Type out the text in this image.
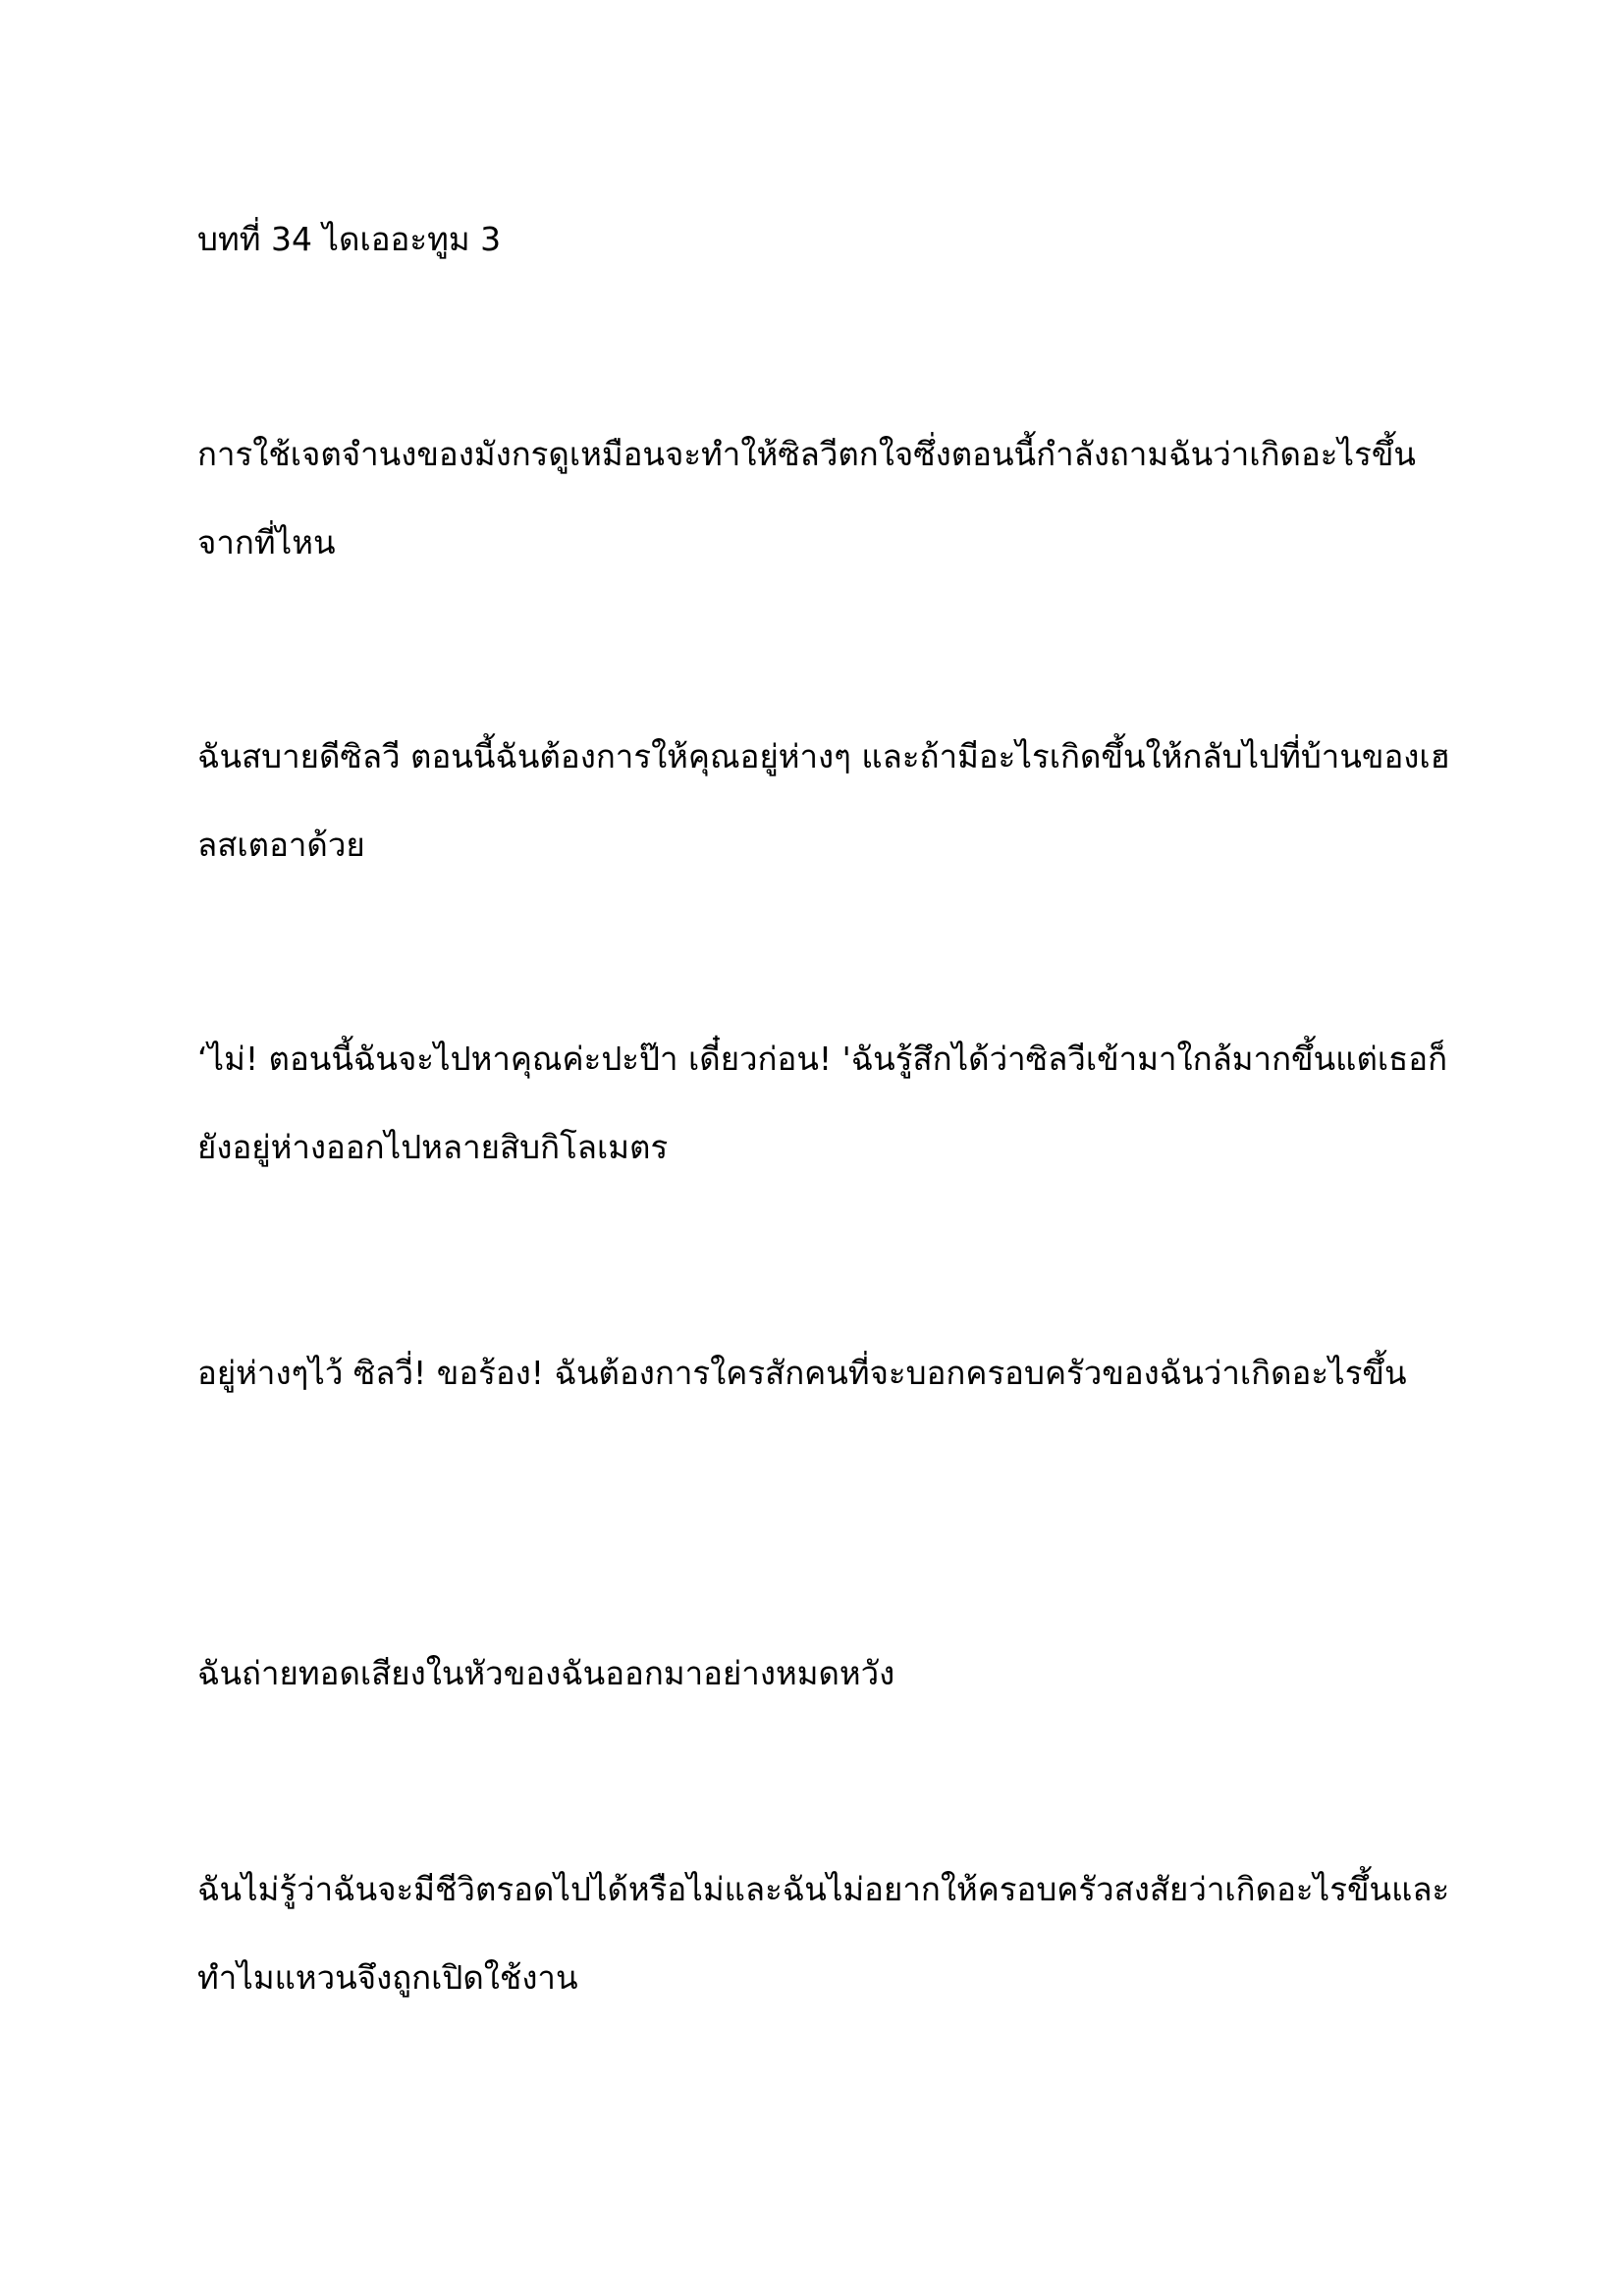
บทที่ 34 ไดเออะทูม 3

การใช้เจตจำนงของมังกรดูเหมือนจะทำให้ซิลวีตกใจซึ่งตอนนี้กำลังถามฉันว่าเกิดอะไรขึ้นจากที่ไหน

ฉันสบายดีซิลวี ตอนนี้ฉันต้องการให้คุณอยู่ห่างๆ และถ้ามีอะไรเกิดขึ้นให้กลับไปที่บ้านของเฮลสเตอาด้วย

‘ไม่! ตอนนี้ฉันจะไปหาคุณค่ะปะป๊า เดี๋ยวก่อน! 'ฉันรู้สึกได้ว่าซิลวีเข้ามาใกล้มากขึ้นแต่เธอก็ยังอยู่ห่างออกไปหลายสิบกิโลเมตร

อยู่ห่างๆไว้ ซิลวี่! ขอร้อง! ฉันต้องการใครสักคนที่จะบอกครอบครัวของฉันว่าเกิดอะไรขึ้น

ฉันถ่ายทอดเสียงในหัวของฉันออกมาอย่างหมดหวัง

ฉันไม่รู้ว่าฉันจะมีชีวิตรอดไปได้หรือไม่และฉันไม่อยากให้ครอบครัวสงสัยว่าเกิดอะไรขึ้นและทำไมแหวนจึงถูกเปิดใช้งาน
